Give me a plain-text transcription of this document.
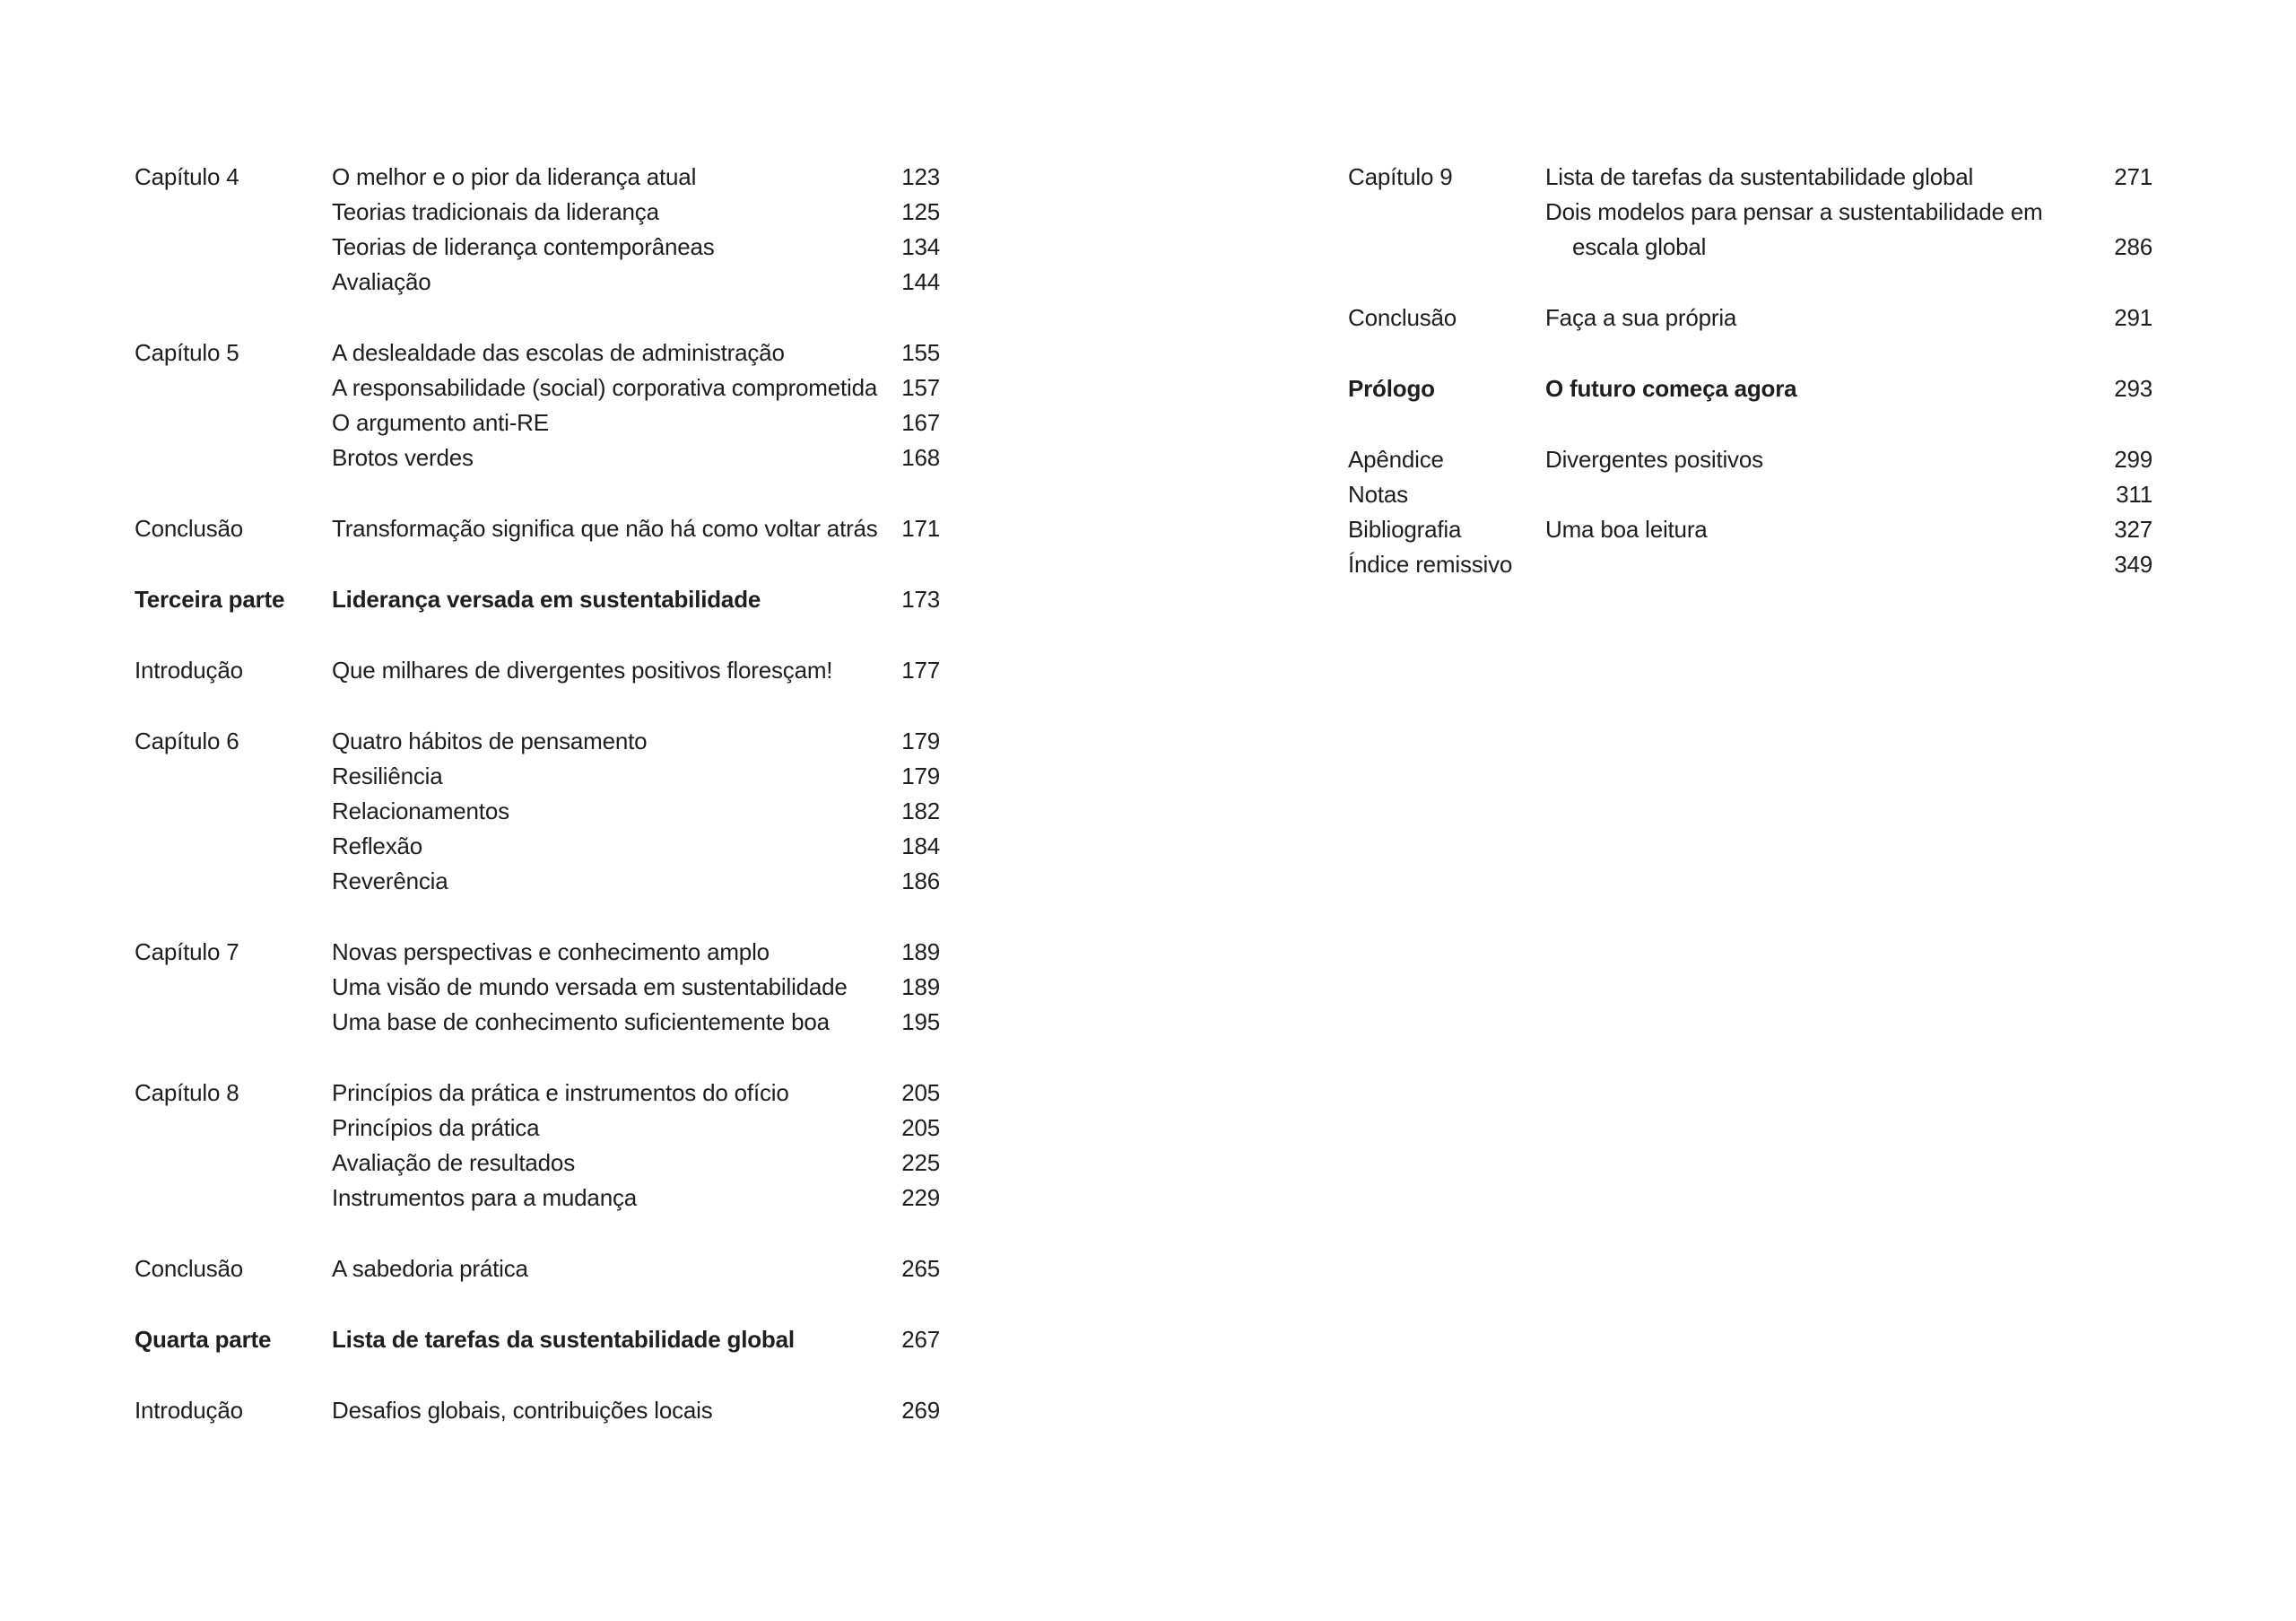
Capítulo 4	O melhor e o pior da liderança atual	123
Teorias tradicionais da liderança	125
Teorias de liderança contemporâneas	134
Avaliação	144
Capítulo 5	A deslealdade das escolas de administração	155
A responsabilidade (social) corporativa comprometida	157
O argumento anti-RE	167
Brotos verdes	168
Conclusão	Transformação significa que não há como voltar atrás	171
Terceira parte	Liderança versada em sustentabilidade	173
Introdução	Que milhares de divergentes positivos floresçam!	177
Capítulo 6	Quatro hábitos de pensamento	179
Resiliência	179
Relacionamentos	182
Reflexão	184
Reverência	186
Capítulo 7	Novas perspectivas e conhecimento amplo	189
Uma visão de mundo versada em sustentabilidade	189
Uma base de conhecimento suficientemente boa	195
Capítulo 8	Princípios da prática e instrumentos do ofício	205
Princípios da prática	205
Avaliação de resultados	225
Instrumentos para a mudança	229
Conclusão	A sabedoria prática	265
Quarta parte	Lista de tarefas da sustentabilidade global	267
Introdução	Desafios globais, contribuições locais	269
Capítulo 9	Lista de tarefas da sustentabilidade global	271
Dois modelos para pensar a sustentabilidade em
escala global	286
Conclusão	Faça a sua própria	291
Prólogo	O futuro começa agora	293
Apêndice	Divergentes positivos	299
Notas	311
Bibliografia	Uma boa leitura	327
Índice remissivo	349
